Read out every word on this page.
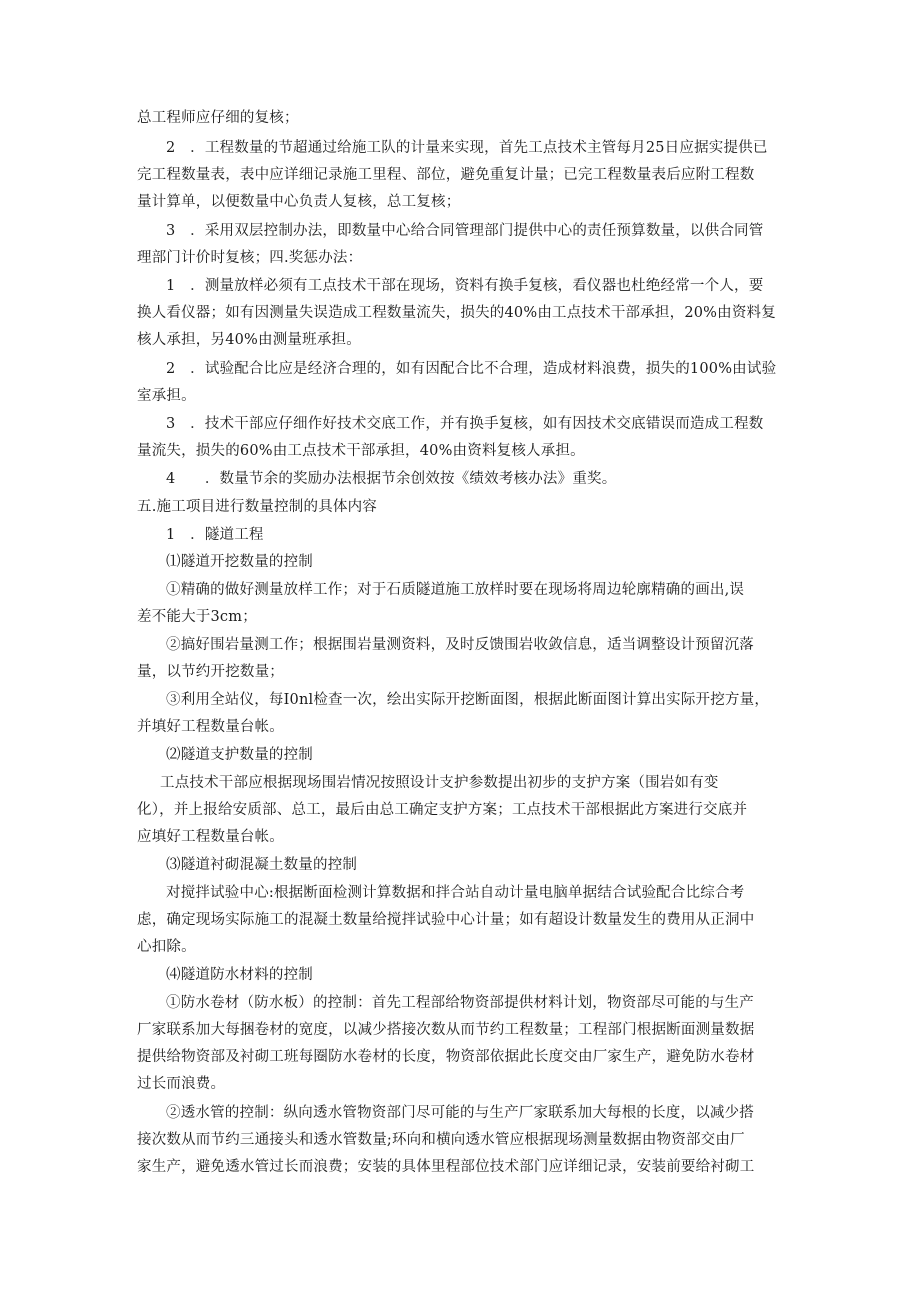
总工程师应仔细的复核；
2　．工程数量的节超通过给施工队的计量来实现，首先工点技术主管每月25日应据实提供已
完工程数量表，表中应详细记录施工里程、部位，避免重复计量；已完工程数量表后应附工程数
量计算单，以便数量中心负责人复核，总工复核；
3　．采用双层控制办法，即数量中心给合同管理部门提供中心的责任预算数量，以供合同管
理部门计价时复核；四.奖惩办法：
1　．测量放样必须有工点技术干部在现场，资料有换手复核，看仪器也杜绝经常一个人，要
换人看仪器；如有因测量失误造成工程数量流失，损失的40%由工点技术干部承担，20%由资料复
核人承担，另40%由测量班承担。
2　．试验配合比应是经济合理的，如有因配合比不合理，造成材料浪费，损失的100%由试验
室承担。
3　．技术干部应仔细作好技术交底工作，并有换手复核，如有因技术交底错误而造成工程数
量流失，损失的60%由工点技术干部承担，40%由资料复核人承担。
4　　．数量节余的奖励办法根据节余创效按《绩效考核办法》重奖。
五.施工项目进行数量控制的具体内容
1　．隧道工程
⑴隧道开挖数量的控制
①精确的做好测量放样工作；对于石质隧道施工放样时要在现场将周边轮廓精确的画出,误
差不能大于3cm；
②搞好围岩量测工作；根据围岩量测资料，及时反馈围岩收敛信息，适当调整设计预留沉落
量，以节约开挖数量；
③利用全站仪，每I0nl检查一次，绘出实际开挖断面图，根据此断面图计算出实际开挖方量，
并填好工程数量台帐。
⑵隧道支护数量的控制
工点技术干部应根据现场围岩情况按照设计支护参数提出初步的支护方案（围岩如有变
化），并上报给安质部、总工，最后由总工确定支护方案；工点技术干部根据此方案进行交底并
应填好工程数量台帐。
⑶隧道衬砌混凝土数量的控制
对搅拌试验中心:根据断面检测计算数据和拌合站自动计量电脑单据结合试验配合比综合考
虑，确定现场实际施工的混凝土数量给搅拌试验中心计量；如有超设计数量发生的费用从正洞中
心扣除。
⑷隧道防水材料的控制
①防水卷材（防水板）的控制：首先工程部给物资部提供材料计划，物资部尽可能的与生产
厂家联系加大每捆卷材的宽度，以减少搭接次数从而节约工程数量；工程部门根据断面测量数据
提供给物资部及衬砌工班每圈防水卷材的长度，物资部依据此长度交由厂家生产，避免防水卷材
过长而浪费。
②透水管的控制：纵向透水管物资部门尽可能的与生产厂家联系加大每根的长度，以减少搭
接次数从而节约三通接头和透水管数量;环向和横向透水管应根据现场测量数据由物资部交由厂
家生产，避免透水管过长而浪费；安装的具体里程部位技术部门应详细记录，安装前要给衬砌工
